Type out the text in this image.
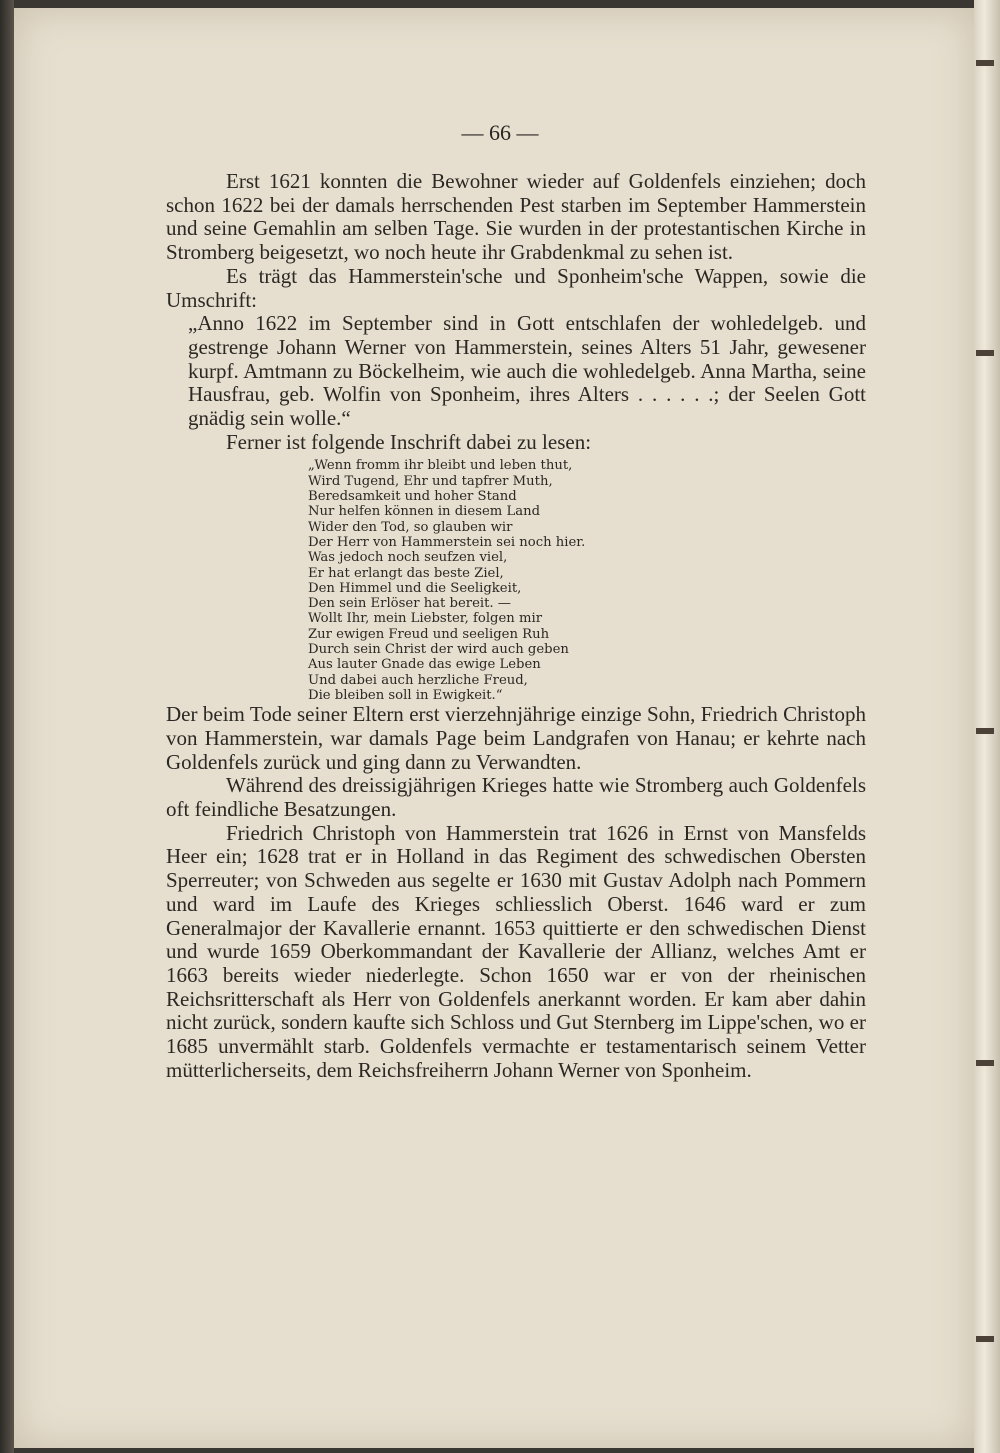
— 66 —

Erst 1621 konnten die Bewohner wieder auf Goldenfels einziehen; doch schon 1622 bei der damals herrschenden Pest starben im September Hammerstein und seine Gemahlin am selben Tage. Sie wurden in der protestantischen Kirche in Stromberg beigesetzt, wo noch heute ihr Grabdenkmal zu sehen ist.

Es trägt das Hammerstein'sche und Sponheim'sche Wappen, sowie die Umschrift:

„Anno 1622 im September sind in Gott entschlafen der wohledelgeb. und gestrenge Johann Werner von Hammerstein, seines Alters 51 Jahr, gewesener kurpf. Amtmann zu Böckelheim, wie auch die wohledelgeb. Anna Martha, seine Hausfrau, geb. Wolfin von Sponheim, ihres Alters . . . . . .; der Seelen Gott gnädig sein wolle.“

Ferner ist folgende Inschrift dabei zu lesen:

„Wenn fromm ihr bleibt und leben thut,
Wird Tugend, Ehr und tapfrer Muth,
Beredsamkeit und hoher Stand
Nur helfen können in diesem Land
Wider den Tod, so glauben wir
Der Herr von Hammerstein sei noch hier.
Was jedoch noch seufzen viel,
Er hat erlangt das beste Ziel,
Den Himmel und die Seeligkeit,
Den sein Erlöser hat bereit. —
Wollt Ihr, mein Liebster, folgen mir
Zur ewigen Freud und seeligen Ruh
Durch sein Christ der wird auch geben
Aus lauter Gnade das ewige Leben
Und dabei auch herzliche Freud,
Die bleiben soll in Ewigkeit.“

Der beim Tode seiner Eltern erst vierzehnjährige einzige Sohn, Friedrich Christoph von Hammerstein, war damals Page beim Landgrafen von Hanau; er kehrte nach Goldenfels zurück und ging dann zu Verwandten.

Während des dreissigjährigen Krieges hatte wie Stromberg auch Goldenfels oft feindliche Besatzungen.

Friedrich Christoph von Hammerstein trat 1626 in Ernst von Mansfelds Heer ein; 1628 trat er in Holland in das Regiment des schwedischen Obersten Sperreuter; von Schweden aus segelte er 1630 mit Gustav Adolph nach Pommern und ward im Laufe des Krieges schliesslich Oberst. 1646 ward er zum Generalmajor der Kavallerie ernannt. 1653 quittierte er den schwedischen Dienst und wurde 1659 Oberkommandant der Kavallerie der Allianz, welches Amt er 1663 bereits wieder niederlegte. Schon 1650 war er von der rheinischen Reichsritterschaft als Herr von Goldenfels anerkannt worden. Er kam aber dahin nicht zurück, sondern kaufte sich Schloss und Gut Sternberg im Lippe'schen, wo er 1685 unvermählt starb. Goldenfels vermachte er testamentarisch seinem Vetter mütterlicherseits, dem Reichsfreiherrn Johann Werner von Sponheim.
